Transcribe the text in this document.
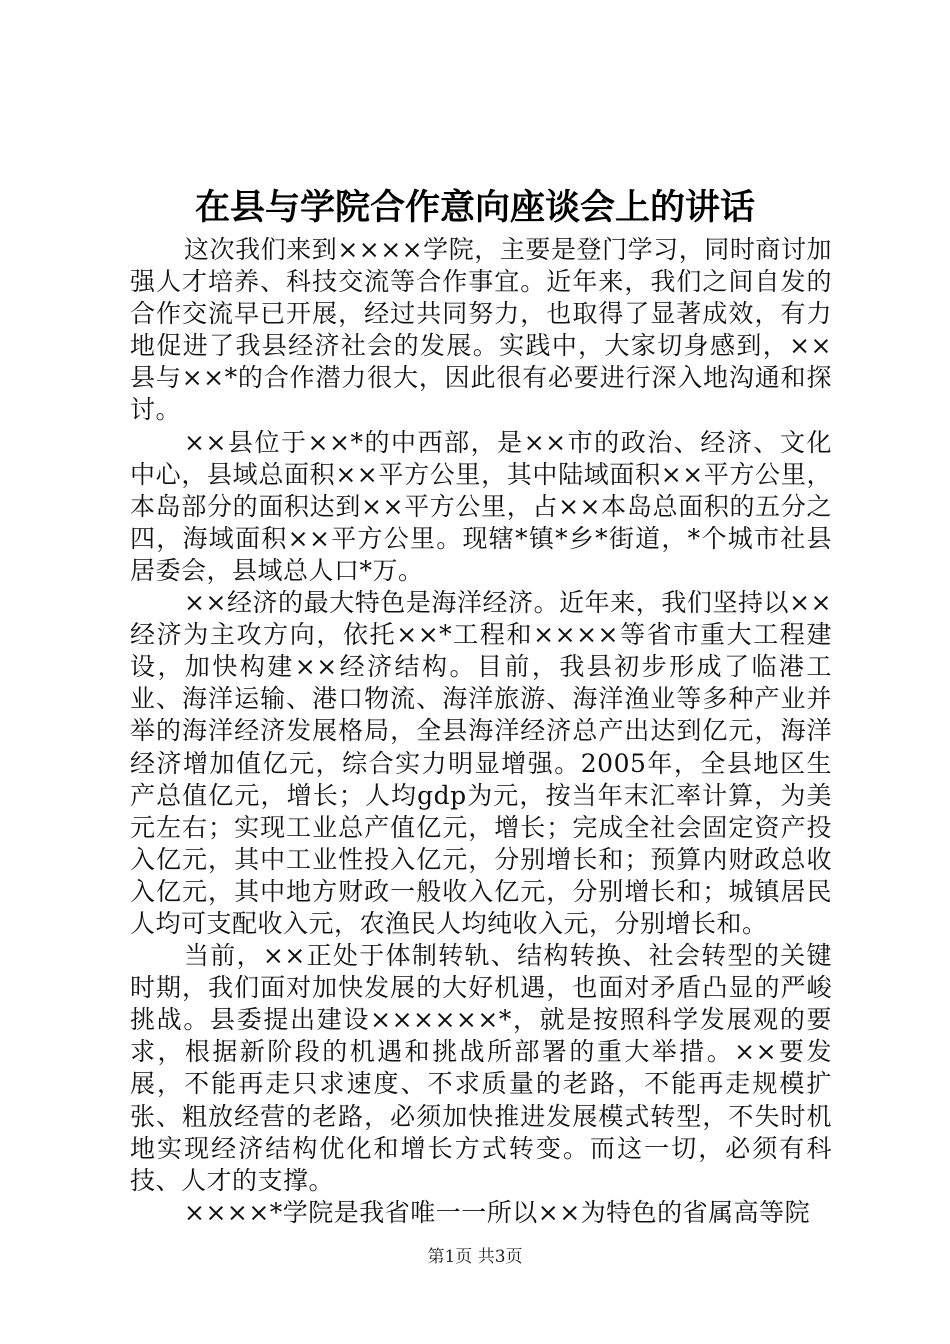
在县与学院合作意向座谈会上的讲话

这次我们来到××××学院，主要是登门学习，同时商讨加强人才培养、科技交流等合作事宜。近年来，我们之间自发的合作交流早已开展，经过共同努力，也取得了显著成效，有力地促进了我县经济社会的发展。实践中，大家切身感到，××县与××*的合作潜力很大，因此很有必要进行深入地沟通和探讨。

××县位于××*的中西部，是××市的政治、经济、文化中心，县域总面积××平方公里，其中陆域面积××平方公里，本岛部分的面积达到××平方公里，占××本岛总面积的五分之四，海域面积××平方公里。现辖*镇*乡*街道，*个城市社县居委会，县域总人口*万。

××经济的最大特色是海洋经济。近年来，我们坚持以××经济为主攻方向，依托××*工程和××××等省市重大工程建设，加快构建××经济结构。目前，我县初步形成了临港工业、海洋运输、港口物流、海洋旅游、海洋渔业等多种产业并举的海洋经济发展格局，全县海洋经济总产出达到亿元，海洋经济增加值亿元，综合实力明显增强。2005年，全县地区生产总值亿元，增长；人均gdp为元，按当年末汇率计算，为美元左右；实现工业总产值亿元，增长；完成全社会固定资产投入亿元，其中工业性投入亿元，分别增长和；预算内财政总收入亿元，其中地方财政一般收入亿元，分别增长和；城镇居民人均可支配收入元，农渔民人均纯收入元，分别增长和。

当前，××正处于体制转轨、结构转换、社会转型的关键时期，我们面对加快发展的大好机遇，也面对矛盾凸显的严峻挑战。县委提出建设××××××*，就是按照科学发展观的要求，根据新阶段的机遇和挑战所部署的重大举措。××要发展，不能再走只求速度、不求质量的老路，不能再走规模扩张、粗放经营的老路，必须加快推进发展模式转型，不失时机地实现经济结构优化和增长方式转变。而这一切，必须有科技、人才的支撑。

××××*学院是我省唯一一所以××为特色的省属高等院

第1页 共3页
